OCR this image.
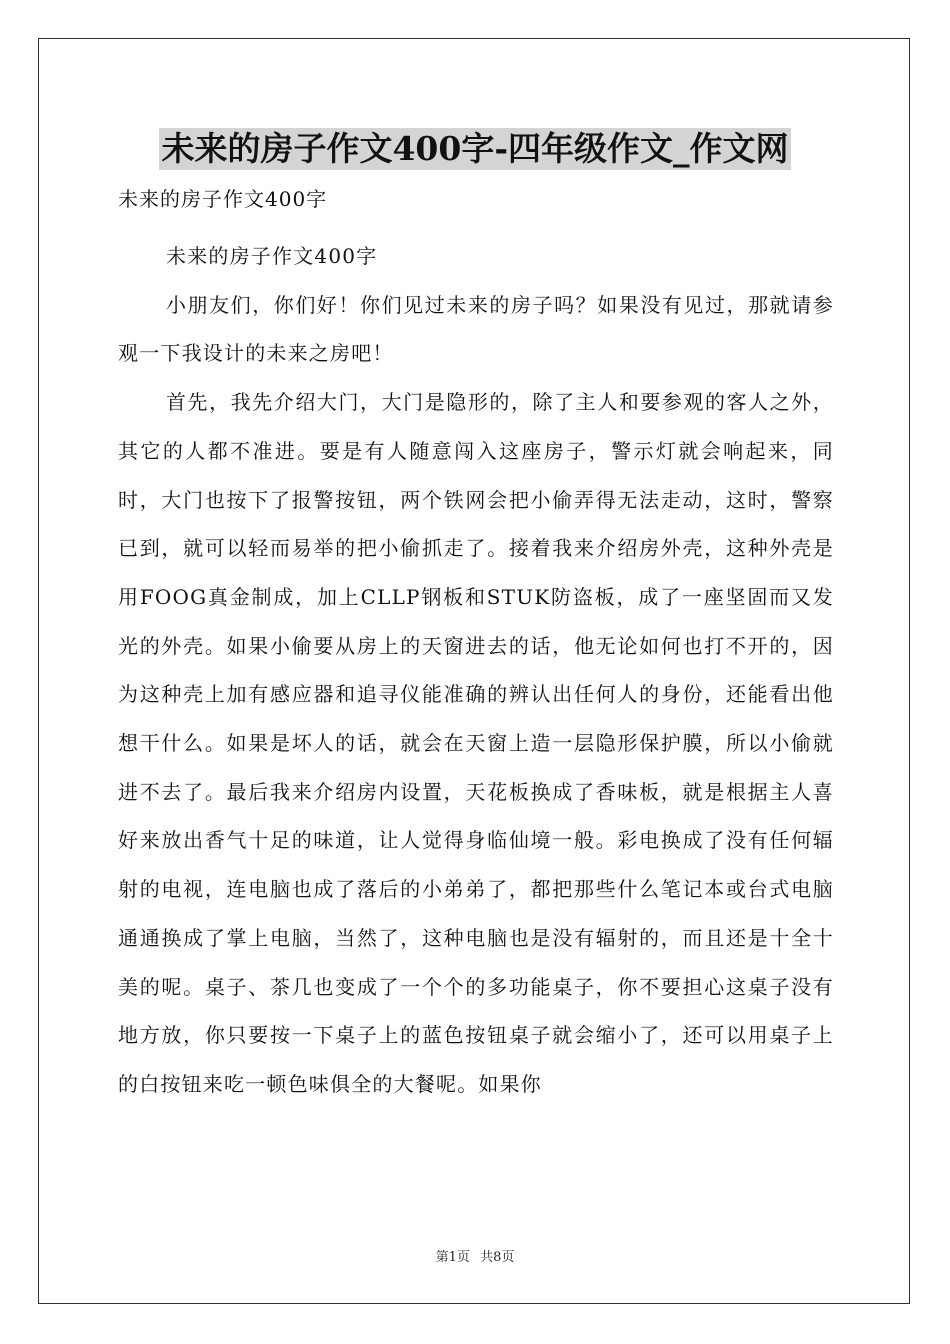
未来的房子作文400字-四年级作文_作文网
未来的房子作文400字

未来的房子作文400字

小朋友们，你们好！你们见过未来的房子吗？如果没有见过，那就请参观一下我设计的未来之房吧！

首先，我先介绍大门，大门是隐形的，除了主人和要参观的客人之外，其它的人都不准进。要是有人随意闯入这座房子，警示灯就会响起来，同时，大门也按下了报警按钮，两个铁网会把小偷弄得无法走动，这时，警察已到，就可以轻而易举的把小偷抓走了。接着我来介绍房外壳，这种外壳是用FOOG真金制成，加上CLLP钢板和STUK防盗板，成了一座坚固而又发光的外壳。如果小偷要从房上的天窗进去的话，他无论如何也打不开的，因为这种壳上加有感应器和追寻仪能准确的辨认出任何人的身份，还能看出他想干什么。如果是坏人的话，就会在天窗上造一层隐形保护膜，所以小偷就进不去了。最后我来介绍房内设置，天花板换成了香味板，就是根据主人喜好来放出香气十足的味道，让人觉得身临仙境一般。彩电换成了没有任何辐射的电视，连电脑也成了落后的小弟弟了，都把那些什么笔记本或台式电脑通通换成了掌上电脑，当然了，这种电脑也是没有辐射的，而且还是十全十美的呢。桌子、茶几也变成了一个个的多功能桌子，你不要担心这桌子没有地方放，你只要按一下桌子上的蓝色按钮桌子就会缩小了，还可以用桌子上的白按钮来吃一顿色味俱全的大餐呢。如果你

第1页 共8页
